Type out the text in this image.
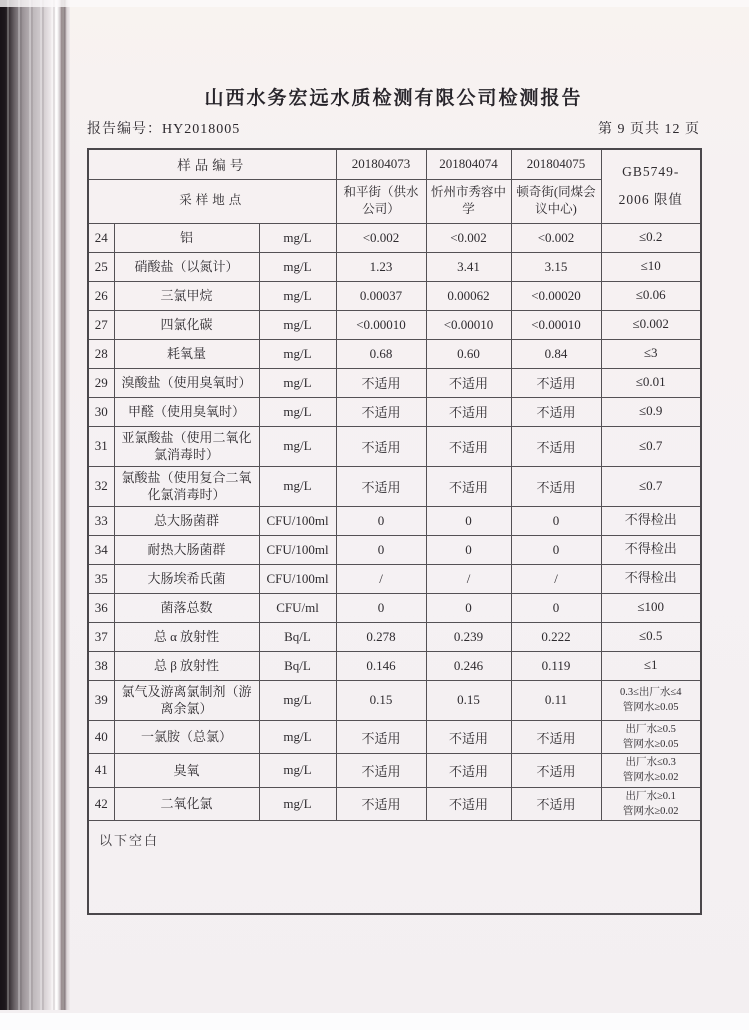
山西水务宏远水质检测有限公司检测报告
报告编号：HY2018005	第 9 页共 12 页
样品编号			201804073	201804074	201804075	GB5749-
2006 限值

采样地点			和平街（供水公司）	忻州市秀容中学	顿奇街(同煤会议中心)	
24	铝	mg/L	<0.002	<0.002	<0.002	≤0.2

25	硝酸盐（以氮计）	mg/L	1.23	3.41	3.15	≤10

26	三氯甲烷	mg/L	0.00037	0.00062	<0.00020	≤0.06

27	四氯化碳	mg/L	<0.00010	<0.00010	<0.00010	≤0.002

28	耗氧量	mg/L	0.68	0.60	0.84	≤3

29	溴酸盐（使用臭氧时）	mg/L	不适用	不适用	不适用	≤0.01

30	甲醛（使用臭氧时）	mg/L	不适用	不适用	不适用	≤0.9

31	亚氯酸盐（使用二氧化氯消毒时）	mg/L	不适用	不适用	不适用	≤0.7

32	氯酸盐（使用复合二氧化氯消毒时）	mg/L	不适用	不适用	不适用	≤0.7

33	总大肠菌群	CFU/100ml	0	0	0	不得检出

34	耐热大肠菌群	CFU/100ml	0	0	0	不得检出

35	大肠埃希氏菌	CFU/100ml	/	/	/	不得检出

36	菌落总数	CFU/ml	0	0	0	≤100

37	总 α 放射性	Bq/L	0.278	0.239	0.222	≤0.5

38	总 β 放射性	Bq/L	0.146	0.246	0.119	≤1

39	氯气及游离氯制剂（游离余氯）	mg/L	0.15	0.15	0.11	0.3≤出厂水≤4
管网水≥0.05

40	一氯胺（总氯）	mg/L	不适用	不适用	不适用	出厂水≥0.5
管网水≥0.05

41	臭氧	mg/L	不适用	不适用	不适用	出厂水≤0.3
管网水≥0.02

42	二氧化氯	mg/L	不适用	不适用	不适用	出厂水≥0.1
管网水≥0.02

以下空白						
